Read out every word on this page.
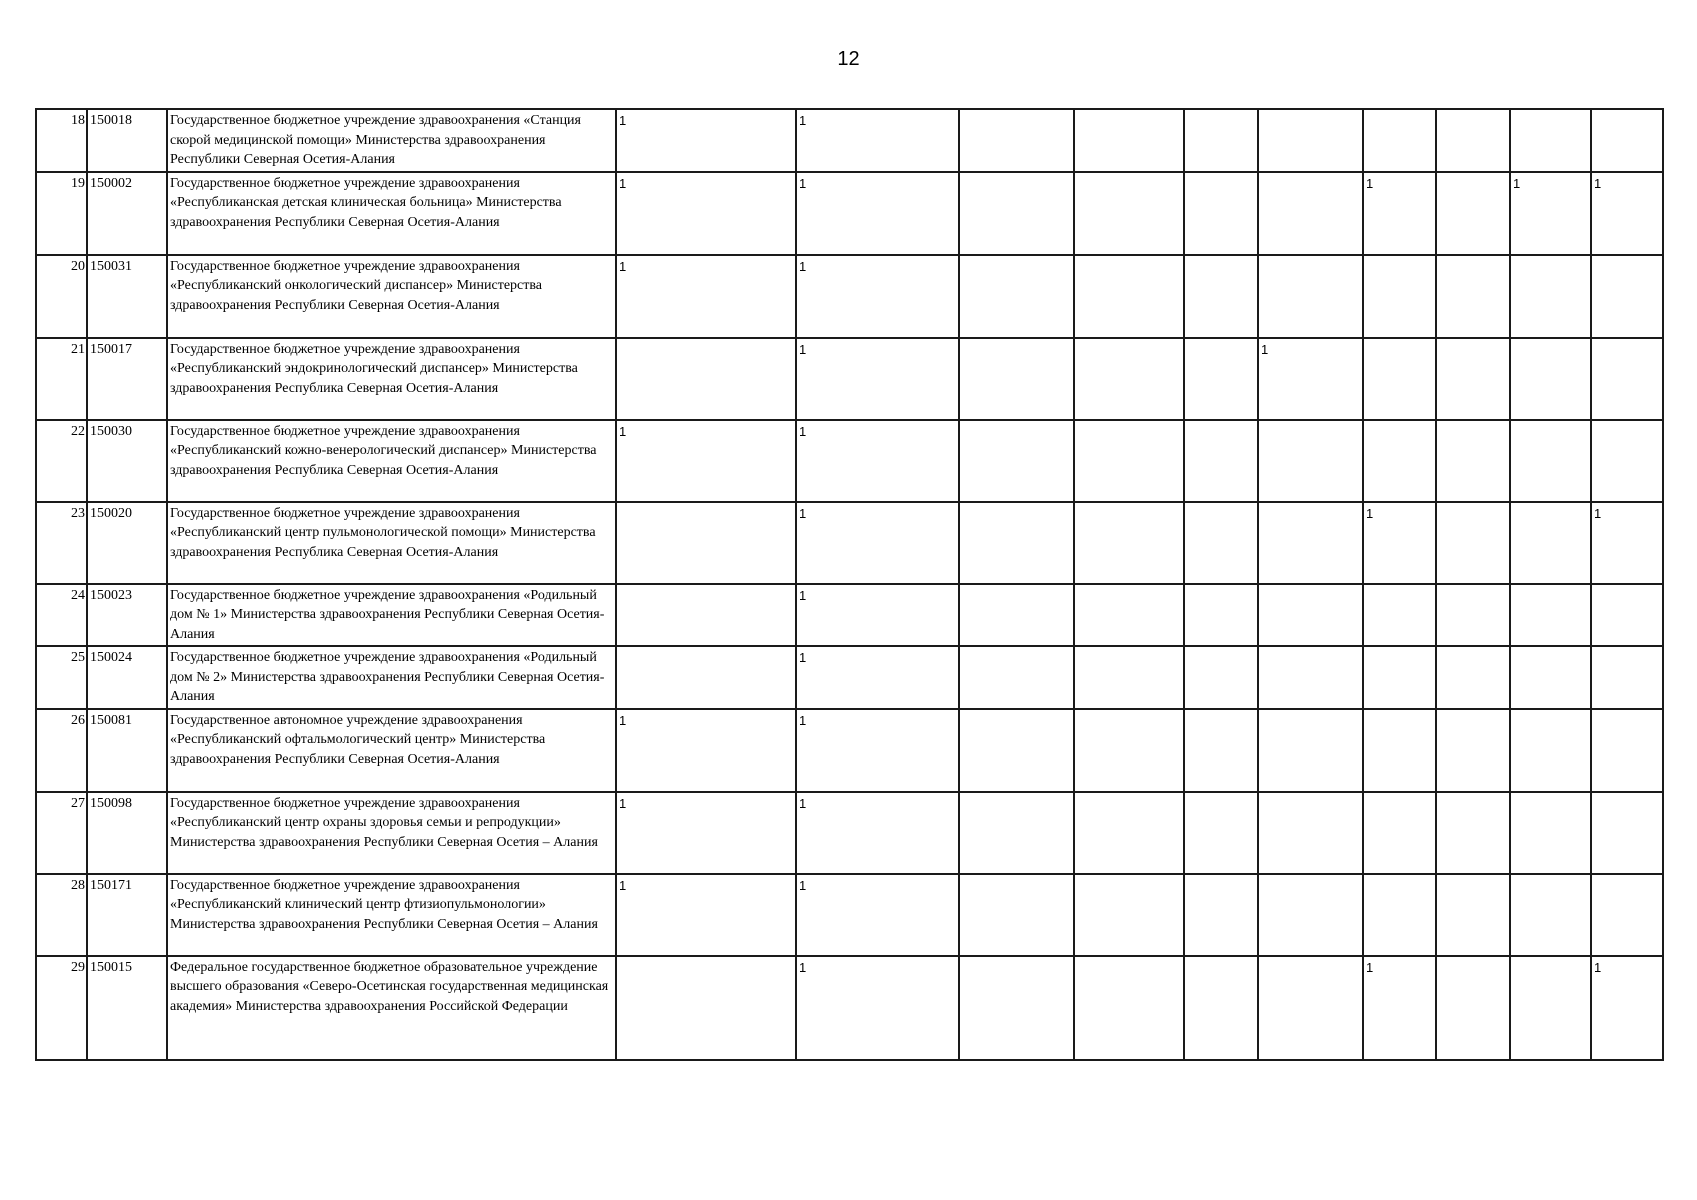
12
18	150018	Государственное бюджетное учреждение здравоохранения «Станция скорой медицинской помощи» Министерства здравоохранения Республики Северная Осетия-Алания	1	1								
19	150002	Государственное бюджетное учреждение здравоохранения «Республиканская детская клиническая больница» Министерства здравоохранения Республики Северная Осетия-Алания	1	1					1		1	1
20	150031	Государственное бюджетное учреждение здравоохранения «Республиканский онкологический диспансер» Министерства здравоохранения Республики Северная Осетия-Алания	1	1								
21	150017	Государственное бюджетное учреждение здравоохранения «Республиканский эндокринологический диспансер» Министерства здравоохранения Республика Северная Осетия-Алания		1				1				
22	150030	Государственное бюджетное учреждение здравоохранения «Республиканский кожно-венерологический диспансер» Министерства здравоохранения Республика Северная Осетия-Алания	1	1								
23	150020	Государственное бюджетное учреждение здравоохранения «Республиканский центр пульмонологической помощи» Министерства здравоохранения Республика Северная Осетия-Алания		1					1			1
24	150023	Государственное бюджетное учреждение здравоохранения «Родильный дом № 1» Министерства здравоохранения Республики Северная Осетия-Алания		1								
25	150024	Государственное бюджетное учреждение здравоохранения «Родильный дом № 2» Министерства здравоохранения Республики Северная Осетия-Алания		1								
26	150081	Государственное автономное учреждение здравоохранения «Республиканский офтальмологический центр» Министерства здравоохранения Республики Северная Осетия-Алания	1	1								
27	150098	Государственное бюджетное учреждение здравоохранения «Республиканский центр охраны здоровья семьи и репродукции» Министерства здравоохранения Республики Северная Осетия – Алания	1	1								
28	150171	Государственное бюджетное учреждение здравоохранения «Республиканский клинический центр фтизиопульмонологии» Министерства здравоохранения Республики Северная Осетия – Алания	1	1								
29	150015	Федеральное государственное бюджетное образовательное учреждение высшего образования «Северо-Осетинская государственная медицинская академия» Министерства здравоохранения Российской Федерации		1					1			1
